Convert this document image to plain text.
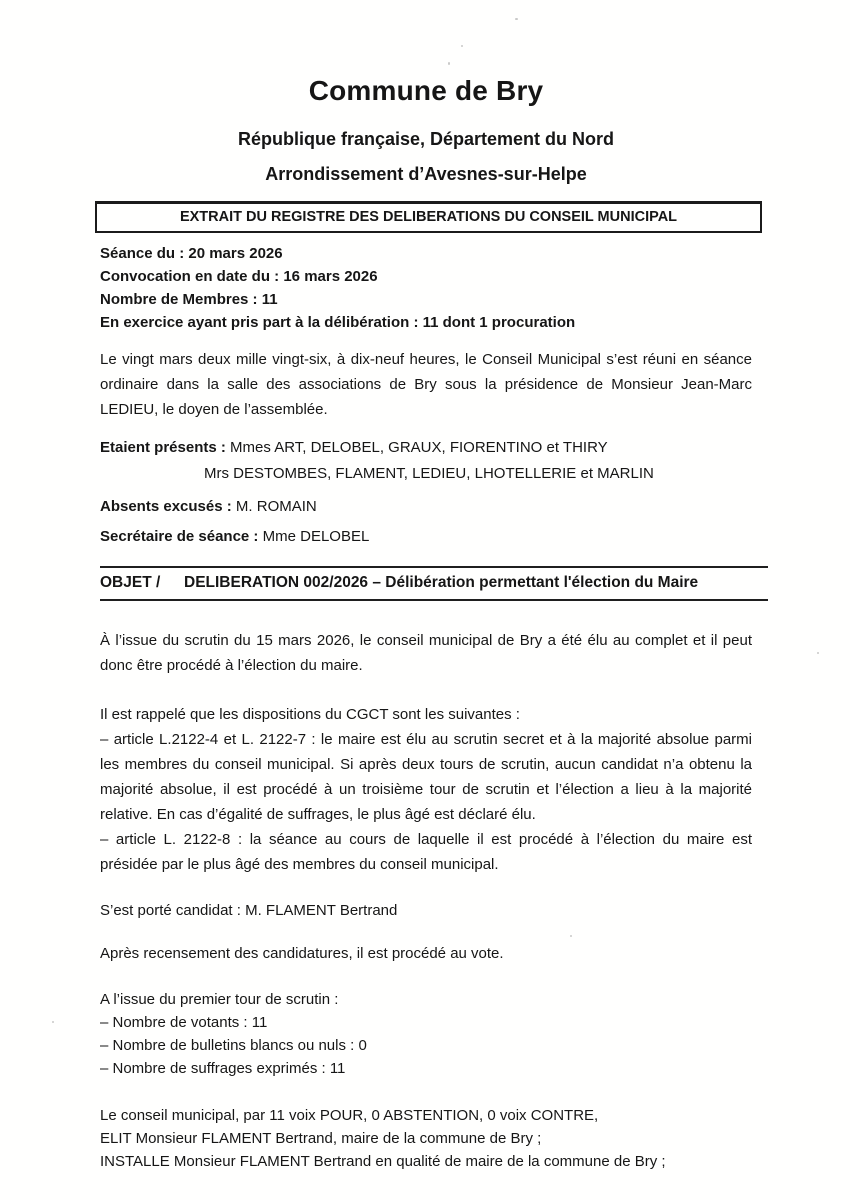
Commune de Bry
République française, Département du Nord
Arrondissement d’Avesnes-sur-Helpe
EXTRAIT DU REGISTRE DES DELIBERATIONS DU CONSEIL MUNICIPAL
Séance du : 20 mars 2026
Convocation en date du : 16 mars 2026
Nombre de Membres : 11
En exercice ayant pris part à la délibération : 11 dont 1 procuration
Le vingt mars deux mille vingt-six, à dix-neuf heures, le Conseil Municipal s’est réuni en séance ordinaire dans la salle des associations de Bry sous la présidence de Monsieur Jean-Marc LEDIEU, le doyen de l’assemblée.
Etaient présents : Mmes ART, DELOBEL, GRAUX, FIORENTINO et THIRY
Mrs DESTOMBES, FLAMENT, LEDIEU, LHOTELLERIE et MARLIN
Absents excusés : M. ROMAIN
Secrétaire de séance : Mme DELOBEL
OBJET /	DELIBERATION 002/2026 – Délibération permettant l'élection du Maire
À l’issue du scrutin du 15 mars 2026, le conseil municipal de Bry a été élu au complet et il peut donc être procédé à l’élection du maire.
Il est rappelé que les dispositions du CGCT sont les suivantes :
– article L.2122-4 et L. 2122-7 : le maire est élu au scrutin secret et à la majorité absolue parmi les membres du conseil municipal. Si après deux tours de scrutin, aucun candidat n’a obtenu la majorité absolue, il est procédé à un troisième tour de scrutin et l’élection a lieu à la majorité relative. En cas d’égalité de suffrages, le plus âgé est déclaré élu.
– article L. 2122-8 : la séance au cours de laquelle il est procédé à l’élection du maire est présidée par le plus âgé des membres du conseil municipal.
S’est porté candidat : M. FLAMENT Bertrand
Après recensement des candidatures, il est procédé au vote.
A l’issue du premier tour de scrutin :
– Nombre de votants : 11
– Nombre de bulletins blancs ou nuls : 0
– Nombre de suffrages exprimés : 11
Le conseil municipal, par 11 voix POUR, 0 ABSTENTION, 0 voix CONTRE,
ELIT Monsieur FLAMENT Bertrand, maire de la commune de Bry ;
INSTALLE Monsieur FLAMENT Bertrand en qualité de maire de la commune de Bry ;
